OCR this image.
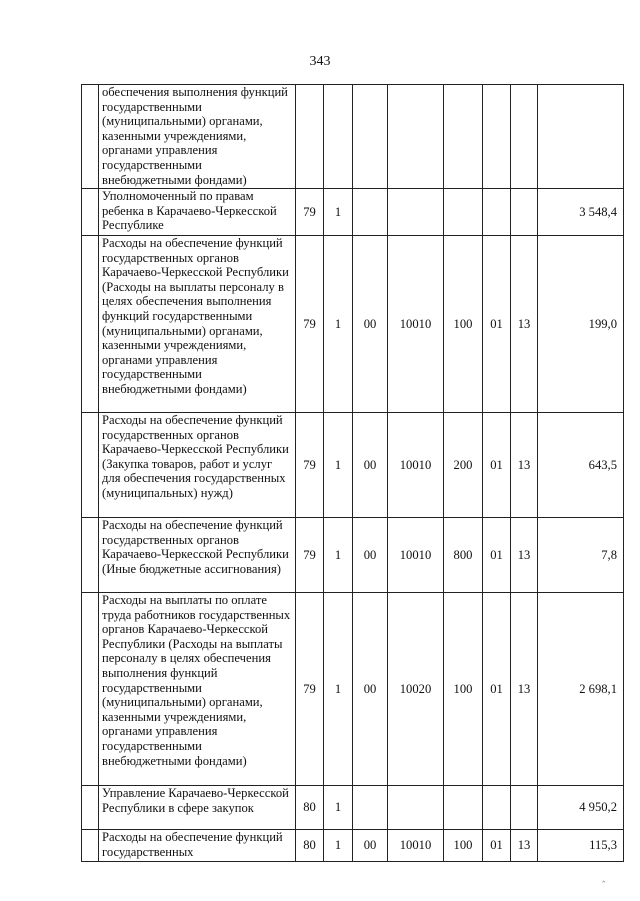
343
	обеспечения выполнения функций государственными (муниципальными) органами, казенными учреждениями, органами управления государственными внебюджетными фондами)								
	Уполномоченный по правам ребенка в Карачаево-Черкесской Республике	79	1						3 548,4
	Расходы на обеспечение функций государственных органов Карачаево-Черкесской Республики (Расходы на выплаты персоналу в целях обеспечения выполнения функций государственными (муниципальными) органами, казенными учреждениями, органами управления государственными внебюджетными фондами)	79	1	00	10010	100	01	13	199,0
	Расходы на обеспечение функций государственных органов Карачаево-Черкесской Республики (Закупка товаров, работ и услуг для обеспечения государственных (муниципальных) нужд)	79	1	00	10010	200	01	13	643,5
	Расходы на обеспечение функций государственных органов Карачаево-Черкесской Республики (Иные бюджетные ассигнования)	79	1	00	10010	800	01	13	7,8
	Расходы на выплаты по оплате труда работников государственных органов Карачаево-Черкесской Республики (Расходы на выплаты персоналу в целях обеспечения выполнения функций государственными (муниципальными) органами, казенными учреждениями, органами управления государственными внебюджетными фондами)	79	1	00	10020	100	01	13	2 698,1
	Управление Карачаево-Черкесской Республики в сфере закупок	80	1						4 950,2
	Расходы на обеспечение функций государственных	80	1	00	10010	100	01	13	115,3
‸
